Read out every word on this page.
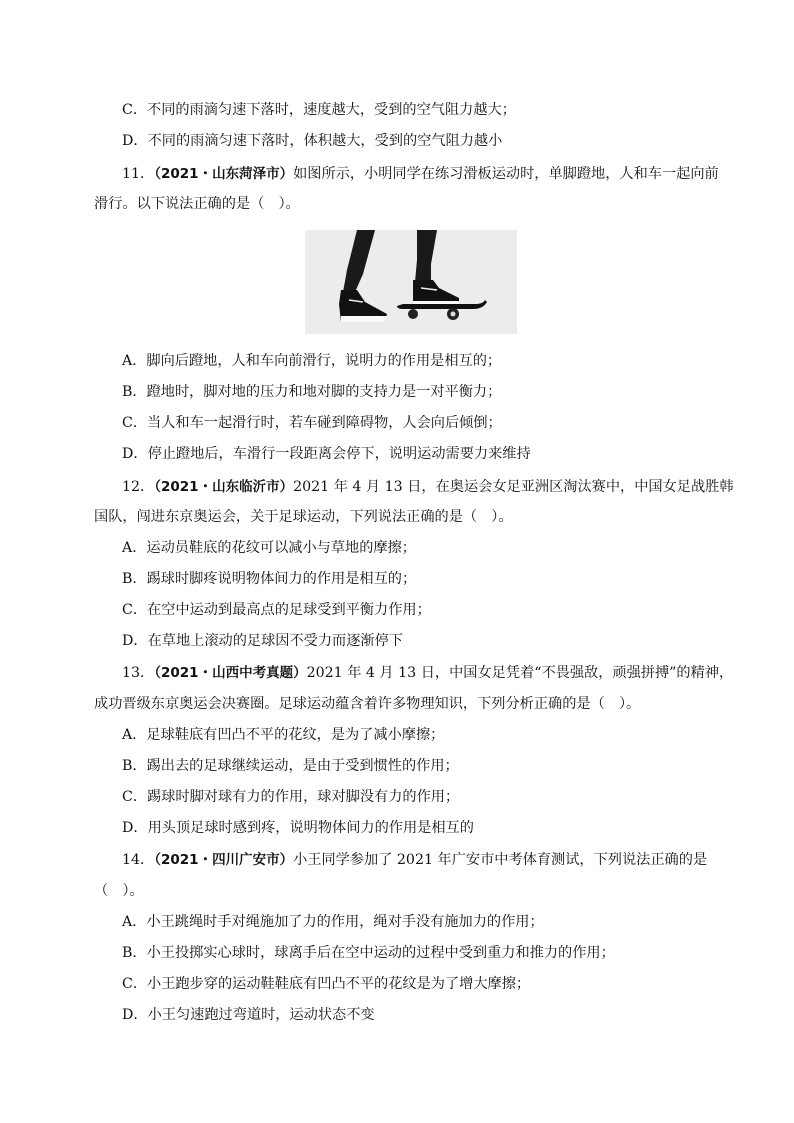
C．不同的雨滴匀速下落时，速度越大，受到的空气阻力越大；
D．不同的雨滴匀速下落时，体积越大，受到的空气阻力越小
11．（2021・山东菏泽市）如图所示，小明同学在练习滑板运动时，单脚蹬地，人和车一起向前
滑行。以下说法正确的是（　）。
A．脚向后蹬地，人和车向前滑行，说明力的作用是相互的；
B．蹬地时，脚对地的压力和地对脚的支持力是一对平衡力；
C．当人和车一起滑行时，若车碰到障碍物，人会向后倾倒；
D．停止蹬地后，车滑行一段距离会停下，说明运动需要力来维持
12．（2021・山东临沂市）2021 年 4 月 13 日，在奥运会女足亚洲区淘汰赛中，中国女足战胜韩
国队，闯进东京奥运会，关于足球运动，下列说法正确的是（　）。
A．运动员鞋底的花纹可以减小与草地的摩擦；
B．踢球时脚疼说明物体间力的作用是相互的；
C．在空中运动到最高点的足球受到平衡力作用；
D．在草地上滚动的足球因不受力而逐渐停下
13．（2021・山西中考真题）2021 年 4 月 13 日，中国女足凭着“不畏强敌，顽强拼搏”的精神，
成功晋级东京奥运会决赛圈。足球运动蕴含着许多物理知识，下列分析正确的是（　）。
A．足球鞋底有凹凸不平的花纹，是为了减小摩擦；
B．踢出去的足球继续运动，是由于受到惯性的作用；
C．踢球时脚对球有力的作用，球对脚没有力的作用；
D．用头顶足球时感到疼，说明物体间力的作用是相互的
14．（2021・四川广安市）小王同学参加了 2021 年广安市中考体育测试，下列说法正确的是
（　）。
A．小王跳绳时手对绳施加了力的作用，绳对手没有施加力的作用；
B．小王投掷实心球时，球离手后在空中运动的过程中受到重力和推力的作用；
C．小王跑步穿的运动鞋鞋底有凹凸不平的花纹是为了增大摩擦；
D．小王匀速跑过弯道时，运动状态不变
